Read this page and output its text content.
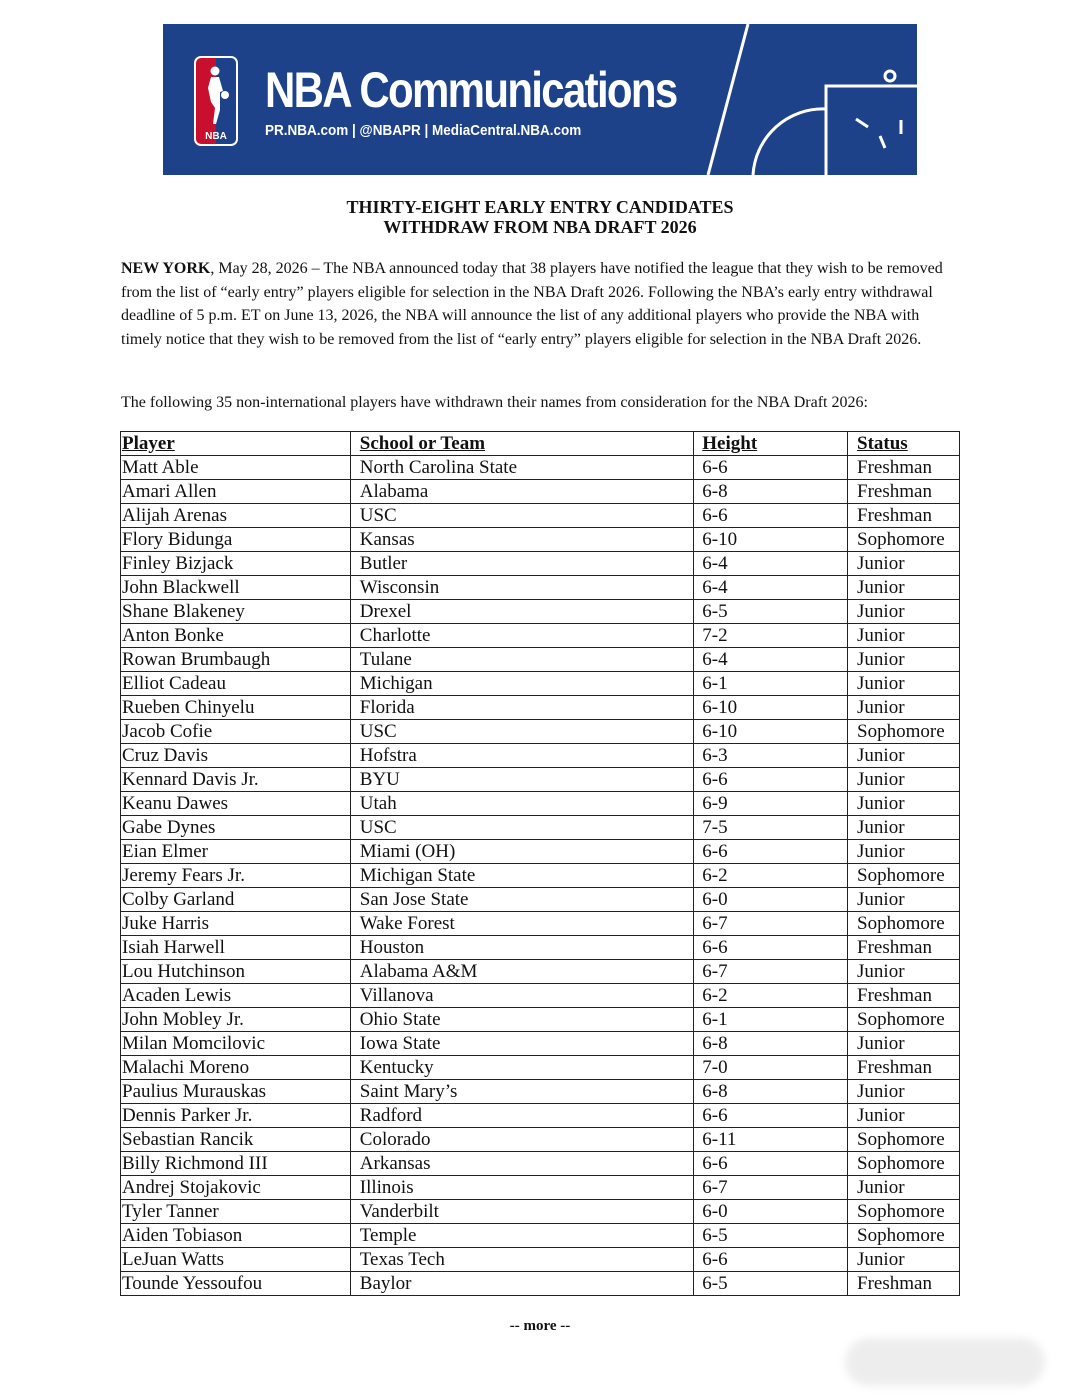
NBA
NBA Communications
PR.NBA.com | @NBAPR | MediaCentral.NBA.com
THIRTY-EIGHT EARLY ENTRY CANDIDATES
WITHDRAW FROM NBA DRAFT 2026
NEW YORK, May 28, 2026 – The NBA announced today that 38 players have notified the league that they wish to be removed from the list of “early entry” players eligible for selection in the NBA Draft 2026. Following the NBA’s early entry withdrawal deadline of 5 p.m. ET on June 13, 2026, the NBA will announce the list of any additional players who provide the NBA with timely notice that they wish to be removed from the list of “early entry” players eligible for selection in the NBA Draft 2026.
The following 35 non-international players have withdrawn their names from consideration for the NBA Draft 2026:
Player	School or Team	Height	Status
Matt Able	North Carolina State	6-6	Freshman
Amari Allen	Alabama	6-8	Freshman
Alijah Arenas	USC	6-6	Freshman
Flory Bidunga	Kansas	6-10	Sophomore
Finley Bizjack	Butler	6-4	Junior
John Blackwell	Wisconsin	6-4	Junior
Shane Blakeney	Drexel	6-5	Junior
Anton Bonke	Charlotte	7-2	Junior
Rowan Brumbaugh	Tulane	6-4	Junior
Elliot Cadeau	Michigan	6-1	Junior
Rueben Chinyelu	Florida	6-10	Junior
Jacob Cofie	USC	6-10	Sophomore
Cruz Davis	Hofstra	6-3	Junior
Kennard Davis Jr.	BYU	6-6	Junior
Keanu Dawes	Utah	6-9	Junior
Gabe Dynes	USC	7-5	Junior
Eian Elmer	Miami (OH)	6-6	Junior
Jeremy Fears Jr.	Michigan State	6-2	Sophomore
Colby Garland	San Jose State	6-0	Junior
Juke Harris	Wake Forest	6-7	Sophomore
Isiah Harwell	Houston	6-6	Freshman
Lou Hutchinson	Alabama A&M	6-7	Junior
Acaden Lewis	Villanova	6-2	Freshman
John Mobley Jr.	Ohio State	6-1	Sophomore
Milan Momcilovic	Iowa State	6-8	Junior
Malachi Moreno	Kentucky	7-0	Freshman
Paulius Murauskas	Saint Mary’s	6-8	Junior
Dennis Parker Jr.	Radford	6-6	Junior
Sebastian Rancik	Colorado	6-11	Sophomore
Billy Richmond III	Arkansas	6-6	Sophomore
Andrej Stojakovic	Illinois	6-7	Junior
Tyler Tanner	Vanderbilt	6-0	Sophomore
Aiden Tobiason	Temple	6-5	Sophomore
LeJuan Watts	Texas Tech	6-6	Junior
Tounde Yessoufou	Baylor	6-5	Freshman
-- more --
